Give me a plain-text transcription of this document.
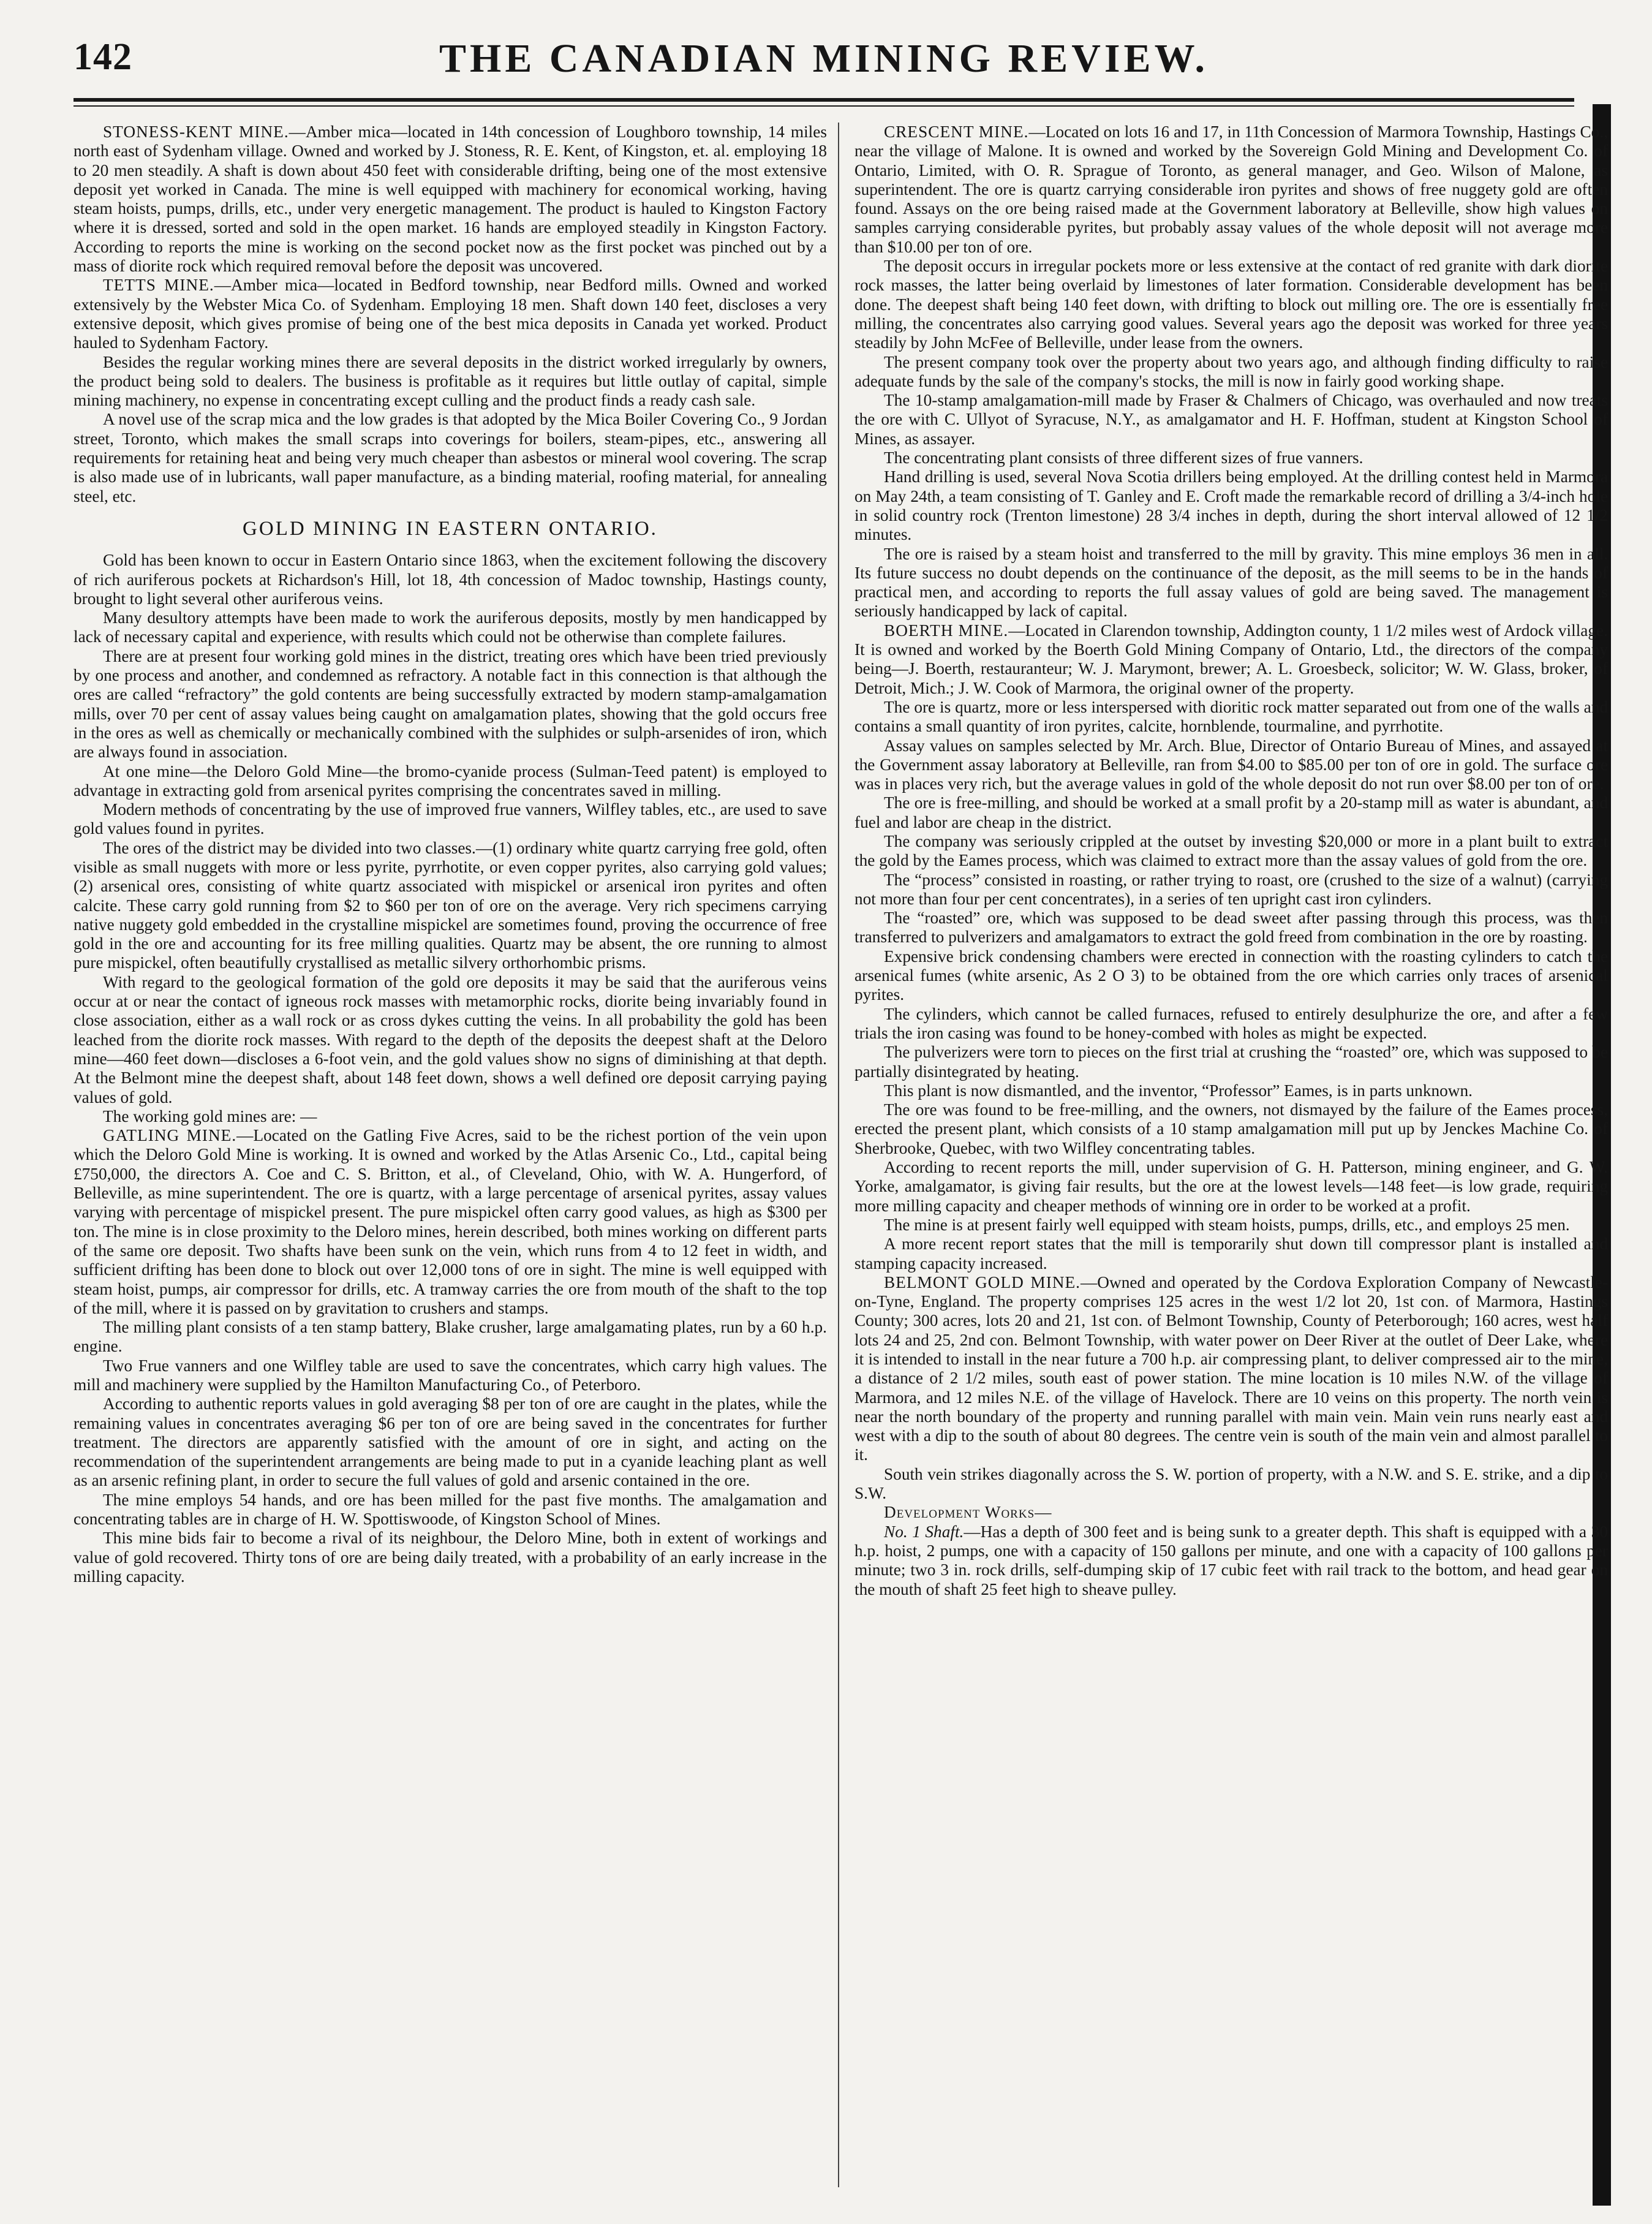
142	THE CANADIAN MINING REVIEW.

STONESS-KENT MINE.—Amber mica—located in 14th concession of Loughboro township, 14 miles north east of Sydenham village. Owned and worked by J. Stoness, R. E. Kent, of Kingston, et. al. employing 18 to 20 men steadily. A shaft is down about 450 feet with considerable drifting, being one of the most extensive deposit yet worked in Canada. The mine is well equipped with machinery for economical working, having steam hoists, pumps, drills, etc., under very energetic management. The product is hauled to Kingston Factory where it is dressed, sorted and sold in the open market. 16 hands are employed steadily in Kingston Factory. According to reports the mine is working on the second pocket now as the first pocket was pinched out by a mass of diorite rock which required removal before the deposit was uncovered.

TETTS MINE.—Amber mica—located in Bedford township, near Bedford mills. Owned and worked extensively by the Webster Mica Co. of Sydenham. Employing 18 men. Shaft down 140 feet, discloses a very extensive deposit, which gives promise of being one of the best mica deposits in Canada yet worked. Product hauled to Sydenham Factory.

Besides the regular working mines there are several deposits in the district worked irregularly by owners, the product being sold to dealers. The business is profitable as it requires but little outlay of capital, simple mining machinery, no expense in concentrating except culling and the product finds a ready cash sale.

A novel use of the scrap mica and the low grades is that adopted by the Mica Boiler Covering Co., 9 Jordan street, Toronto, which makes the small scraps into coverings for boilers, steam-pipes, etc., answering all requirements for retaining heat and being very much cheaper than asbestos or mineral wool covering. The scrap is also made use of in lubricants, wall paper manufacture, as a binding material, roofing material, for annealing steel, etc.

GOLD MINING IN EASTERN ONTARIO.

Gold has been known to occur in Eastern Ontario since 1863, when the excitement following the discovery of rich auriferous pockets at Richardson's Hill, lot 18, 4th concession of Madoc township, Hastings county, brought to light several other auriferous veins.

Many desultory attempts have been made to work the auriferous deposits, mostly by men handicapped by lack of necessary capital and experience, with results which could not be otherwise than complete failures.

There are at present four working gold mines in the district, treating ores which have been tried previously by one process and another, and condemned as refractory. A notable fact in this connection is that although the ores are called “refractory” the gold contents are being successfully extracted by modern stamp-amalgamation mills, over 70 per cent of assay values being caught on amalgamation plates, showing that the gold occurs free in the ores as well as chemically or mechanically combined with the sulphides or sulph-arsenides of iron, which are always found in association.

At one mine—the Deloro Gold Mine—the bromo-cyanide process (Sulman-Teed patent) is employed to advantage in extracting gold from arsenical pyrites comprising the concentrates saved in milling.

Modern methods of concentrating by the use of improved frue vanners, Wilfley tables, etc., are used to save gold values found in pyrites.

The ores of the district may be divided into two classes.—(1) ordinary white quartz carrying free gold, often visible as small nuggets with more or less pyrite, pyrrhotite, or even copper pyrites, also carrying gold values; (2) arsenical ores, consisting of white quartz associated with mispickel or arsenical iron pyrites and often calcite. These carry gold running from $2 to $60 per ton of ore on the average. Very rich specimens carrying native nuggety gold embedded in the crystalline mispickel are sometimes found, proving the occurrence of free gold in the ore and accounting for its free milling qualities. Quartz may be absent, the ore running to almost pure mispickel, often beautifully crystallised as metallic silvery orthorhombic prisms.

With regard to the geological formation of the gold ore deposits it may be said that the auriferous veins occur at or near the contact of igneous rock masses with metamorphic rocks, diorite being invariably found in close association, either as a wall rock or as cross dykes cutting the veins. In all probability the gold has been leached from the diorite rock masses. With regard to the depth of the deposits the deepest shaft at the Deloro mine—460 feet down—discloses a 6-foot vein, and the gold values show no signs of diminishing at that depth. At the Belmont mine the deepest shaft, about 148 feet down, shows a well defined ore deposit carrying paying values of gold.

The working gold mines are: —

GATLING MINE.—Located on the Gatling Five Acres, said to be the richest portion of the vein upon which the Deloro Gold Mine is working. It is owned and worked by the Atlas Arsenic Co., Ltd., capital being £750,000, the directors A. Coe and C. S. Britton, et al., of Cleveland, Ohio, with W. A. Hungerford, of Belleville, as mine superintendent. The ore is quartz, with a large percentage of arsenical pyrites, assay values varying with percentage of mispickel present. The pure mispickel often carry good values, as high as $300 per ton. The mine is in close proximity to the Deloro mines, herein described, both mines working on different parts of the same ore deposit. Two shafts have been sunk on the vein, which runs from 4 to 12 feet in width, and sufficient drifting has been done to block out over 12,000 tons of ore in sight. The mine is well equipped with steam hoist, pumps, air compressor for drills, etc. A tramway carries the ore from mouth of the shaft to the top of the mill, where it is passed on by gravitation to crushers and stamps.

The milling plant consists of a ten stamp battery, Blake crusher, large amalgamating plates, run by a 60 h.p. engine.

Two Frue vanners and one Wilfley table are used to save the concentrates, which carry high values. The mill and machinery were supplied by the Hamilton Manufacturing Co., of Peterboro.

According to authentic reports values in gold averaging $8 per ton of ore are caught in the plates, while the remaining values in concentrates averaging $6 per ton of ore are being saved in the concentrates for further treatment. The directors are apparently satisfied with the amount of ore in sight, and acting on the recommendation of the superintendent arrangements are being made to put in a cyanide leaching plant as well as an arsenic refining plant, in order to secure the full values of gold and arsenic contained in the ore.

The mine employs 54 hands, and ore has been milled for the past five months. The amalgamation and concentrating tables are in charge of H. W. Spottiswoode, of Kingston School of Mines.

This mine bids fair to become a rival of its neighbour, the Deloro Mine, both in extent of workings and value of gold recovered. Thirty tons of ore are being daily treated, with a probability of an early increase in the milling capacity.

CRESCENT MINE.—Located on lots 16 and 17, in 11th Concession of Marmora Township, Hastings Co., near the village of Malone. It is owned and worked by the Sovereign Gold Mining and Development Co. of Ontario, Limited, with O. R. Sprague of Toronto, as general manager, and Geo. Wilson of Malone, as superintendent. The ore is quartz carrying considerable iron pyrites and shows of free nuggety gold are often found. Assays on the ore being raised made at the Government laboratory at Belleville, show high values on samples carrying considerable pyrites, but probably assay values of the whole deposit will not average more than $10.00 per ton of ore.

The deposit occurs in irregular pockets more or less extensive at the contact of red granite with dark diorite rock masses, the latter being overlaid by limestones of later formation. Considerable development has been done. The deepest shaft being 140 feet down, with drifting to block out milling ore. The ore is essentially free milling, the concentrates also carrying good values. Several years ago the deposit was worked for three years steadily by John McFee of Belleville, under lease from the owners.

The present company took over the property about two years ago, and although finding difficulty to raise adequate funds by the sale of the company's stocks, the mill is now in fairly good working shape.

The 10-stamp amalgamation-mill made by Fraser & Chalmers of Chicago, was overhauled and now treats the ore with C. Ullyot of Syracuse, N.Y., as amalgamator and H. F. Hoffman, student at Kingston School of Mines, as assayer.

The concentrating plant consists of three different sizes of frue vanners.

Hand drilling is used, several Nova Scotia drillers being employed. At the drilling contest held in Marmora on May 24th, a team consisting of T. Ganley and E. Croft made the remarkable record of drilling a 3/4-inch hole in solid country rock (Trenton limestone) 28 3/4 inches in depth, during the short interval allowed of 12 1/2 minutes.

The ore is raised by a steam hoist and transferred to the mill by gravity. This mine employs 36 men in all. Its future success no doubt depends on the continuance of the deposit, as the mill seems to be in the hands of practical men, and according to reports the full assay values of gold are being saved. The management is seriously handicapped by lack of capital.

BOERTH MINE.—Located in Clarendon township, Addington county, 1 1/2 miles west of Ardock village. It is owned and worked by the Boerth Gold Mining Company of Ontario, Ltd., the directors of the company being—J. Boerth, restauranteur; W. J. Marymont, brewer; A. L. Groesbeck, solicitor; W. W. Glass, broker, of Detroit, Mich.; J. W. Cook of Marmora, the original owner of the property.

The ore is quartz, more or less interspersed with dioritic rock matter separated out from one of the walls and contains a small quantity of iron pyrites, calcite, hornblende, tourmaline, and pyrrhotite.

Assay values on samples selected by Mr. Arch. Blue, Director of Ontario Bureau of Mines, and assayed at the Government assay laboratory at Belleville, ran from $4.00 to $85.00 per ton of ore in gold. The surface ore was in places very rich, but the average values in gold of the whole deposit do not run over $8.00 per ton of ore.

The ore is free-milling, and should be worked at a small profit by a 20-stamp mill as water is abundant, and fuel and labor are cheap in the district.

The company was seriously crippled at the outset by investing $20,000 or more in a plant built to extract the gold by the Eames process, which was claimed to extract more than the assay values of gold from the ore.

The “process” consisted in roasting, or rather trying to roast, ore (crushed to the size of a walnut) (carrying not more than four per cent concentrates), in a series of ten upright cast iron cylinders.

The “roasted” ore, which was supposed to be dead sweet after passing through this process, was then transferred to pulverizers and amalgamators to extract the gold freed from combination in the ore by roasting.

Expensive brick condensing chambers were erected in connection with the roasting cylinders to catch the arsenical fumes (white arsenic, As 2 O 3) to be obtained from the ore which carries only traces of arsenical pyrites.

The cylinders, which cannot be called furnaces, refused to entirely desulphurize the ore, and after a few trials the iron casing was found to be honey-combed with holes as might be expected.

The pulverizers were torn to pieces on the first trial at crushing the “roasted” ore, which was supposed to be partially disintegrated by heating.

This plant is now dismantled, and the inventor, “Professor” Eames, is in parts unknown.

The ore was found to be free-milling, and the owners, not dismayed by the failure of the Eames process, erected the present plant, which consists of a 10 stamp amalgamation mill put up by Jenckes Machine Co. of Sherbrooke, Quebec, with two Wilfley concentrating tables.

According to recent reports the mill, under supervision of G. H. Patterson, mining engineer, and G. W. Yorke, amalgamator, is giving fair results, but the ore at the lowest levels—148 feet—is low grade, requiring more milling capacity and cheaper methods of winning ore in order to be worked at a profit.

The mine is at present fairly well equipped with steam hoists, pumps, drills, etc., and employs 25 men.

A more recent report states that the mill is temporarily shut down till compressor plant is installed and stamping capacity increased.

BELMONT GOLD MINE.—Owned and operated by the Cordova Exploration Company of Newcastle-on-Tyne, England. The property comprises 125 acres in the west 1/2 lot 20, 1st con. of Marmora, Hastings County; 300 acres, lots 20 and 21, 1st con. of Belmont Township, County of Peterborough; 160 acres, west half lots 24 and 25, 2nd con. Belmont Township, with water power on Deer River at the outlet of Deer Lake, where it is intended to install in the near future a 700 h.p. air compressing plant, to deliver compressed air to the mine, a distance of 2 1/2 miles, south east of power station. The mine location is 10 miles N.W. of the village of Marmora, and 12 miles N.E. of the village of Havelock. There are 10 veins on this property. The north vein is near the north boundary of the property and running parallel with main vein. Main vein runs nearly east and west with a dip to the south of about 80 degrees. The centre vein is south of the main vein and almost parallel to it.

South vein strikes diagonally across the S. W. portion of property, with a N.W. and S. E. strike, and a dip to S.W.

Development Works—

No. 1 Shaft.—Has a depth of 300 feet and is being sunk to a greater depth. This shaft is equipped with a 30 h.p. hoist, 2 pumps, one with a capacity of 150 gallons per minute, and one with a capacity of 100 gallons per minute; two 3 in. rock drills, self-dumping skip of 17 cubic feet with rail track to the bottom, and head gear on the mouth of shaft 25 feet high to sheave pulley.
